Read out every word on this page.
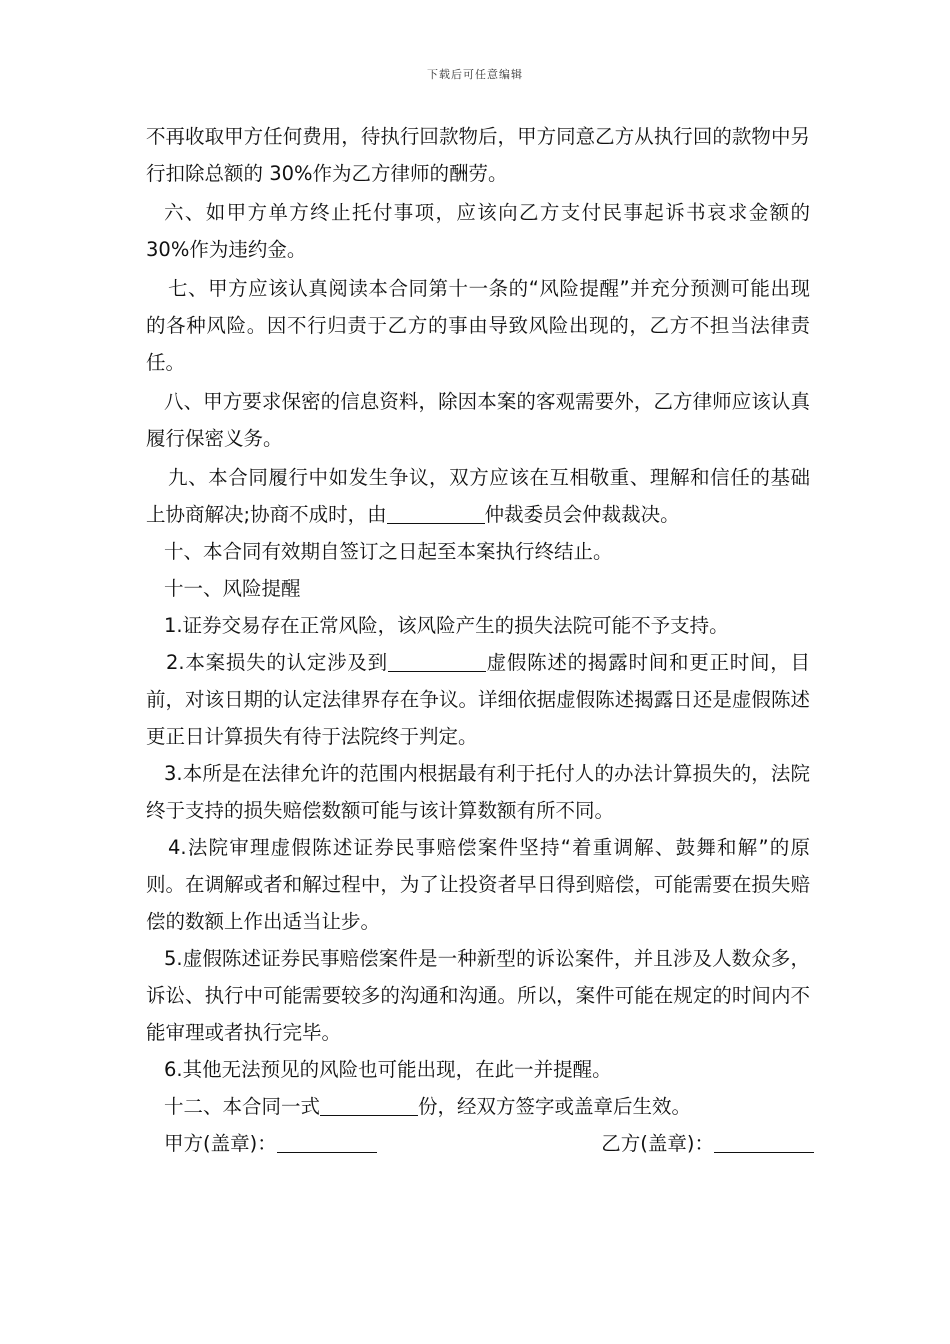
下载后可任意编辑

不再收取甲方任何费用，待执行回款物后，甲方同意乙方从执行回的款物中另行扣除总额的 30%作为乙方律师的酬劳。

六、如甲方单方终止托付事项，应该向乙方支付民事起诉书哀求金额的 30%作为违约金。

七、甲方应该认真阅读本合同第十一条的“风险提醒”并充分预测可能出现的各种风险。因不行归责于乙方的事由导致风险出现的，乙方不担当法律责任。

八、甲方要求保密的信息资料，除因本案的客观需要外，乙方律师应该认真履行保密义务。

九、本合同履行中如发生争议，双方应该在互相敬重、理解和信任的基础上协商解决;协商不成时，由	仲裁委员会仲裁裁决。

十、本合同有效期自签订之日起至本案执行终结止。

十一、风险提醒

1.证券交易存在正常风险，该风险产生的损失法院可能不予支持。

2.本案损失的认定涉及到	虚假陈述的揭露时间和更正时间，目前，对该日期的认定法律界存在争议。详细依据虚假陈述揭露日还是虚假陈述更正日计算损失有待于法院终于判定。

3.本所是在法律允许的范围内根据最有利于托付人的办法计算损失的，法院终于支持的损失赔偿数额可能与该计算数额有所不同。

4.法院审理虚假陈述证券民事赔偿案件坚持“着重调解、鼓舞和解”的原则。在调解或者和解过程中，为了让投资者早日得到赔偿，可能需要在损失赔偿的数额上作出适当让步。

5.虚假陈述证券民事赔偿案件是一种新型的诉讼案件，并且涉及人数众多，诉讼、执行中可能需要较多的沟通和沟通。所以，案件可能在规定的时间内不能审理或者执行完毕。

6.其他无法预见的风险也可能出现，在此一并提醒。

十二、本合同一式	份，经双方签字或盖章后生效。

甲方(盖章)：	乙方(盖章)：
